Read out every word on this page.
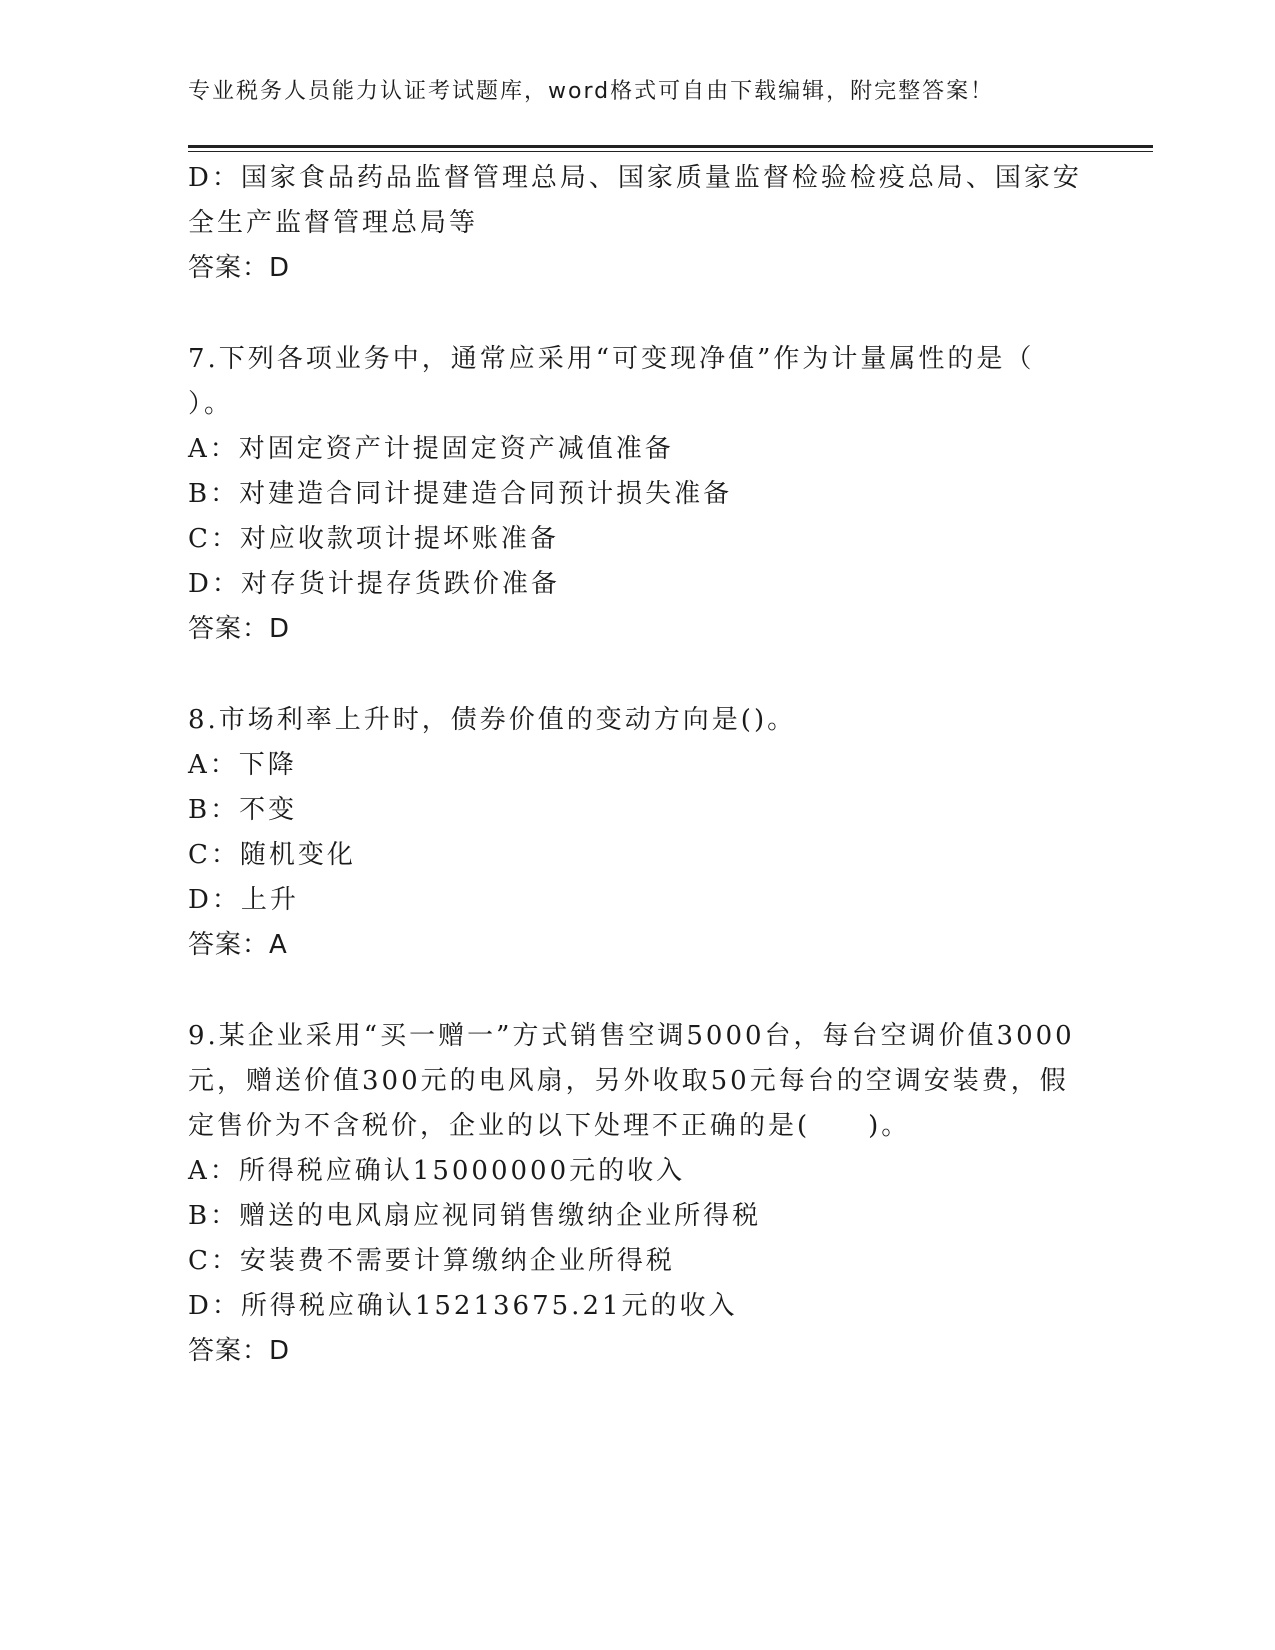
专业税务人员能力认证考试题库，word格式可自由下载编辑，附完整答案！
D：国家食品药品监督管理总局、国家质量监督检验检疫总局、国家安
全生产监督管理总局等
答案：D
7.下列各项业务中，通常应采用“可变现净值”作为计量属性的是（
）。
A：对固定资产计提固定资产减值准备
B：对建造合同计提建造合同预计损失准备
C：对应收款项计提坏账准备
D：对存货计提存货跌价准备
答案：D
8.市场利率上升时，债券价值的变动方向是()。
A：下降
B：不变
C：随机变化
D：上升
答案：A
9.某企业采用“买一赠一”方式销售空调5000台，每台空调价值3000
元，赠送价值300元的电风扇，另外收取50元每台的空调安装费，假
定售价为不含税价，企业的以下处理不正确的是(　　)。
A：所得税应确认15000000元的收入
B：赠送的电风扇应视同销售缴纳企业所得税
C：安装费不需要计算缴纳企业所得税
D：所得税应确认15213675.21元的收入
答案：D
